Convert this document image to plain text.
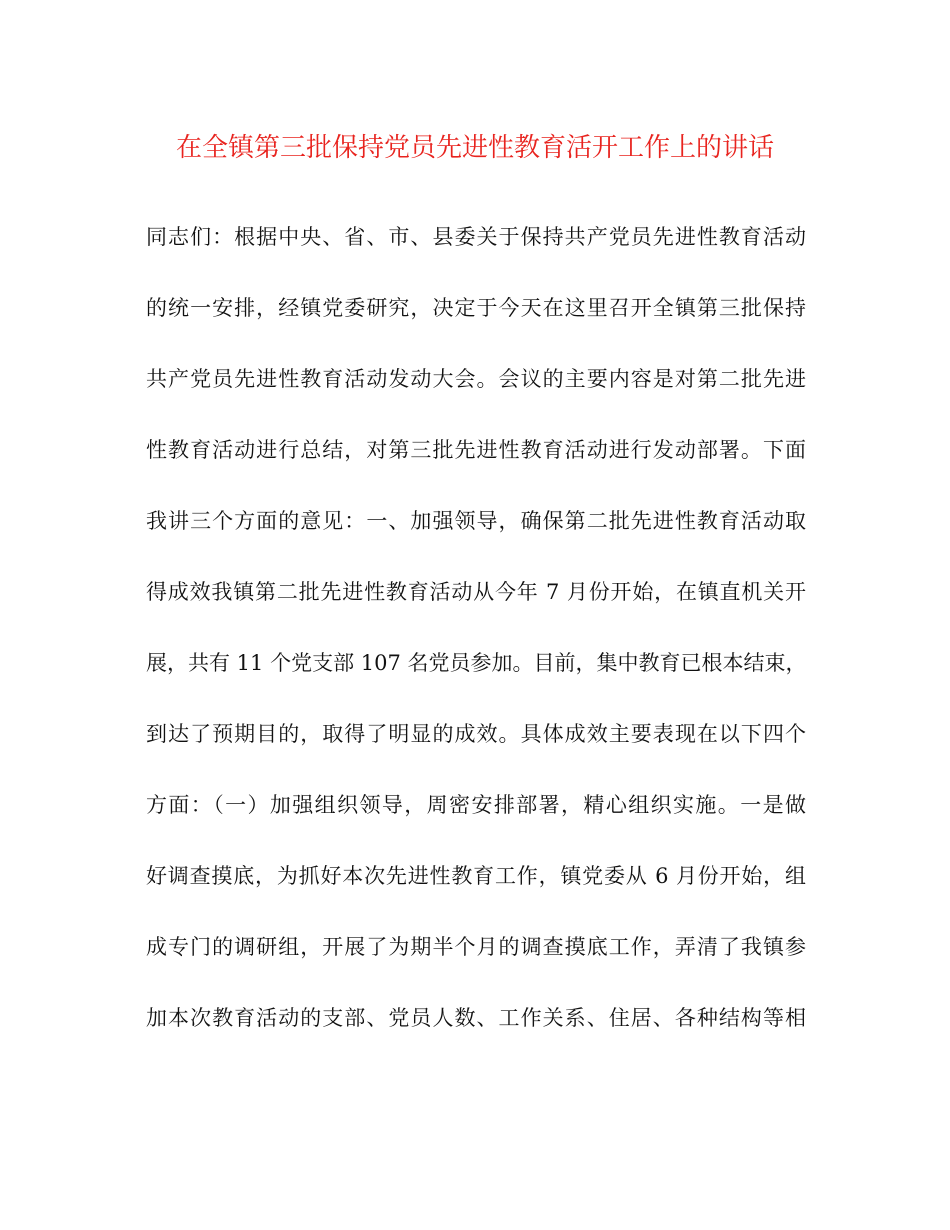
在全镇第三批保持党员先进性教育活开工作上的讲话
同志们：根据中央、省、市、县委关于保持共产党员先进性教育活动
的统一安排，经镇党委研究，决定于今天在这里召开全镇第三批保持
共产党员先进性教育活动发动大会。会议的主要内容是对第二批先进
性教育活动进行总结，对第三批先进性教育活动进行发动部署。下面
我讲三个方面的意见：一、加强领导，确保第二批先进性教育活动取
得成效我镇第二批先进性教育活动从今年 7 月份开始，在镇直机关开
展，共有 11 个党支部 107 名党员参加。目前，集中教育已根本结束，
到达了预期目的，取得了明显的成效。具体成效主要表现在以下四个
方面：（一）加强组织领导，周密安排部署，精心组织实施。一是做
好调查摸底，为抓好本次先进性教育工作，镇党委从 6 月份开始，组
成专门的调研组，开展了为期半个月的调查摸底工作，弄清了我镇参
加本次教育活动的支部、党员人数、工作关系、住居、各种结构等相
